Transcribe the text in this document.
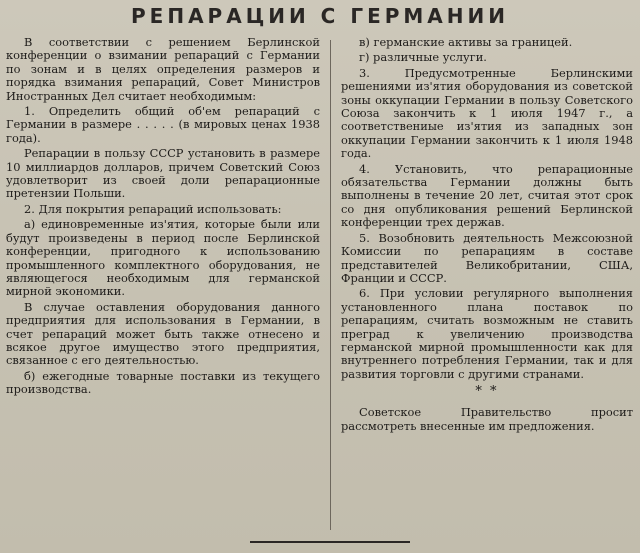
РЕПАРАЦИИ С ГЕРМАНИИ

В соответствии с решением Берлинской конференции о взимании репараций с Германии по зонам и в целях определения размеров и порядка взимания репараций, Совет Министров Иностранных Дел считает необходимым:

1. Определить общий об'ем репараций с Германии в размере . . . . . (в мировых ценах 1938 года).

Репарации в пользу СССР установить в размере 10 миллиардов долларов, причем Советский Союз удовлетворит из своей доли репарационные претензии Польши.

2. Для покрытия репараций использовать:

а) единовременные из'ятия, которые были или будут произведены в период после Берлинской конференции, пригодного к использованию промышленного комплектного оборудования, не являющегося необходимым для германской мирной экономики.

В случае оставления оборудования данного предприятия для использования в Германии, в счет репараций может быть также отнесено и всякое другое имущество этого предприятия, связанное с его деятельностью.

б) ежегодные товарные поставки из текущего производства.

в) германские активы за границей.

г) различные услуги.

3. Предусмотренные Берлинскими решениями из'ятия оборудования из советской зоны оккупации Германии в пользу Советского Союза закончить к 1 июля 1947 г., а соответствениые из'ятия из западных зон оккупации Германии закончить к 1 июля 1948 года.

4. Установить, что репарационные обязательства Германии должны быть выполнены в течение 20 лет, считая этот срок со дня опубликования решений Берлинской конференции трех держав.

5. Возобновить деятельность Межсоюзной Комиссии по репарациям в составе представителей Великобритании, США, Франции и СССР.

6. При условии регулярного выполнения установленного плана поставок по репарациям, считать возможным не ставить преград к увеличению производства германской мирной промышленности как для внутреннего потребления Германии, так и для развития торговли с другими странами.

* *

Советское Правительство просит рассмотреть внесенные им предложения.
